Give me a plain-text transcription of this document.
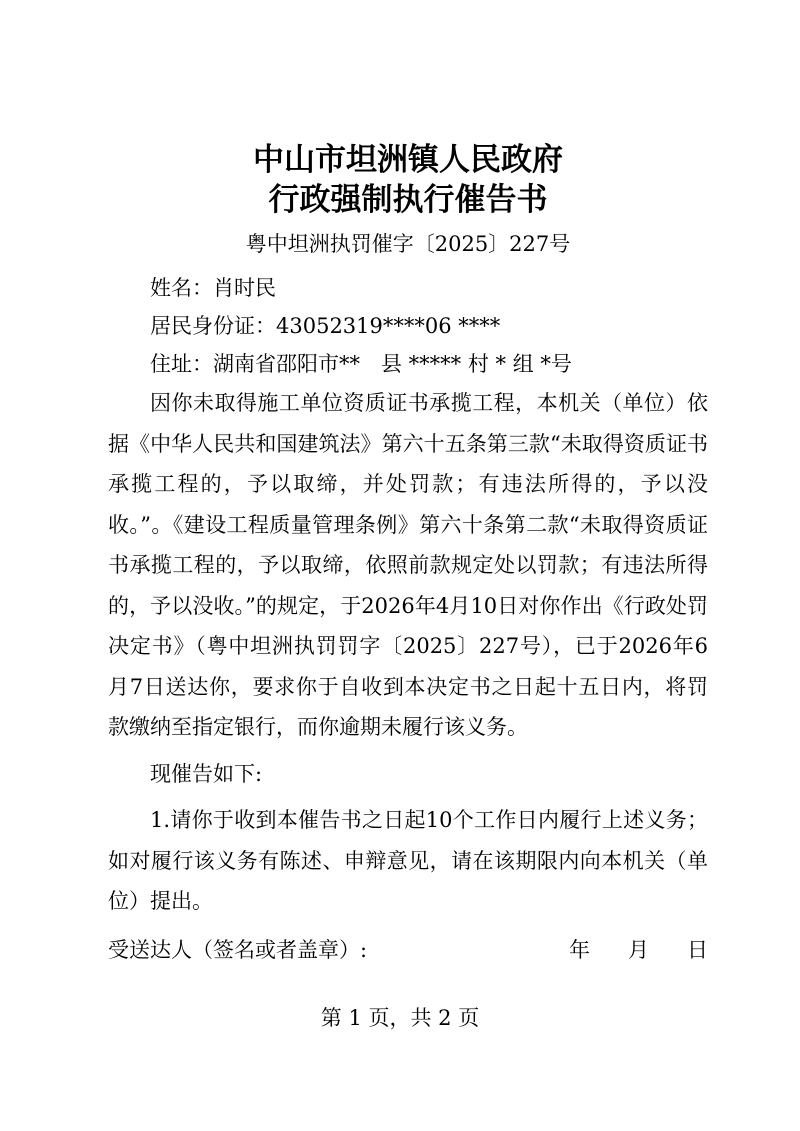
中山市坦洲镇人民政府
行政强制执行催告书

粤中坦洲执罚催字〔2025〕227号

姓名：肖时民

居民身份证：43052319****06 ****

住址：湖南省邵阳市**　县 ***** 村 * 组 *号

因你未取得施工单位资质证书承揽工程，本机关（单位）依据《中华人民共和国建筑法》第六十五条第三款“未取得资质证书承揽工程的，予以取缔，并处罚款；有违法所得的，予以没收。”。《建设工程质量管理条例》第六十条第二款“未取得资质证书承揽工程的，予以取缔，依照前款规定处以罚款；有违法所得的，予以没收。”的规定，于2026年4月10日对你作出《行政处罚决定书》（粤中坦洲执罚罚字〔2025〕227号），已于2026年6月7日送达你，要求你于自收到本决定书之日起十五日内，将罚款缴纳至指定银行，而你逾期未履行该义务。

现催告如下:

1.请你于收到本催告书之日起10个工作日内履行上述义务；如对履行该义务有陈述、申辩意见，请在该期限内向本机关（单位）提出。

受送达人（签名或者盖章）:	年 月 日
第 1 页，共 2 页
